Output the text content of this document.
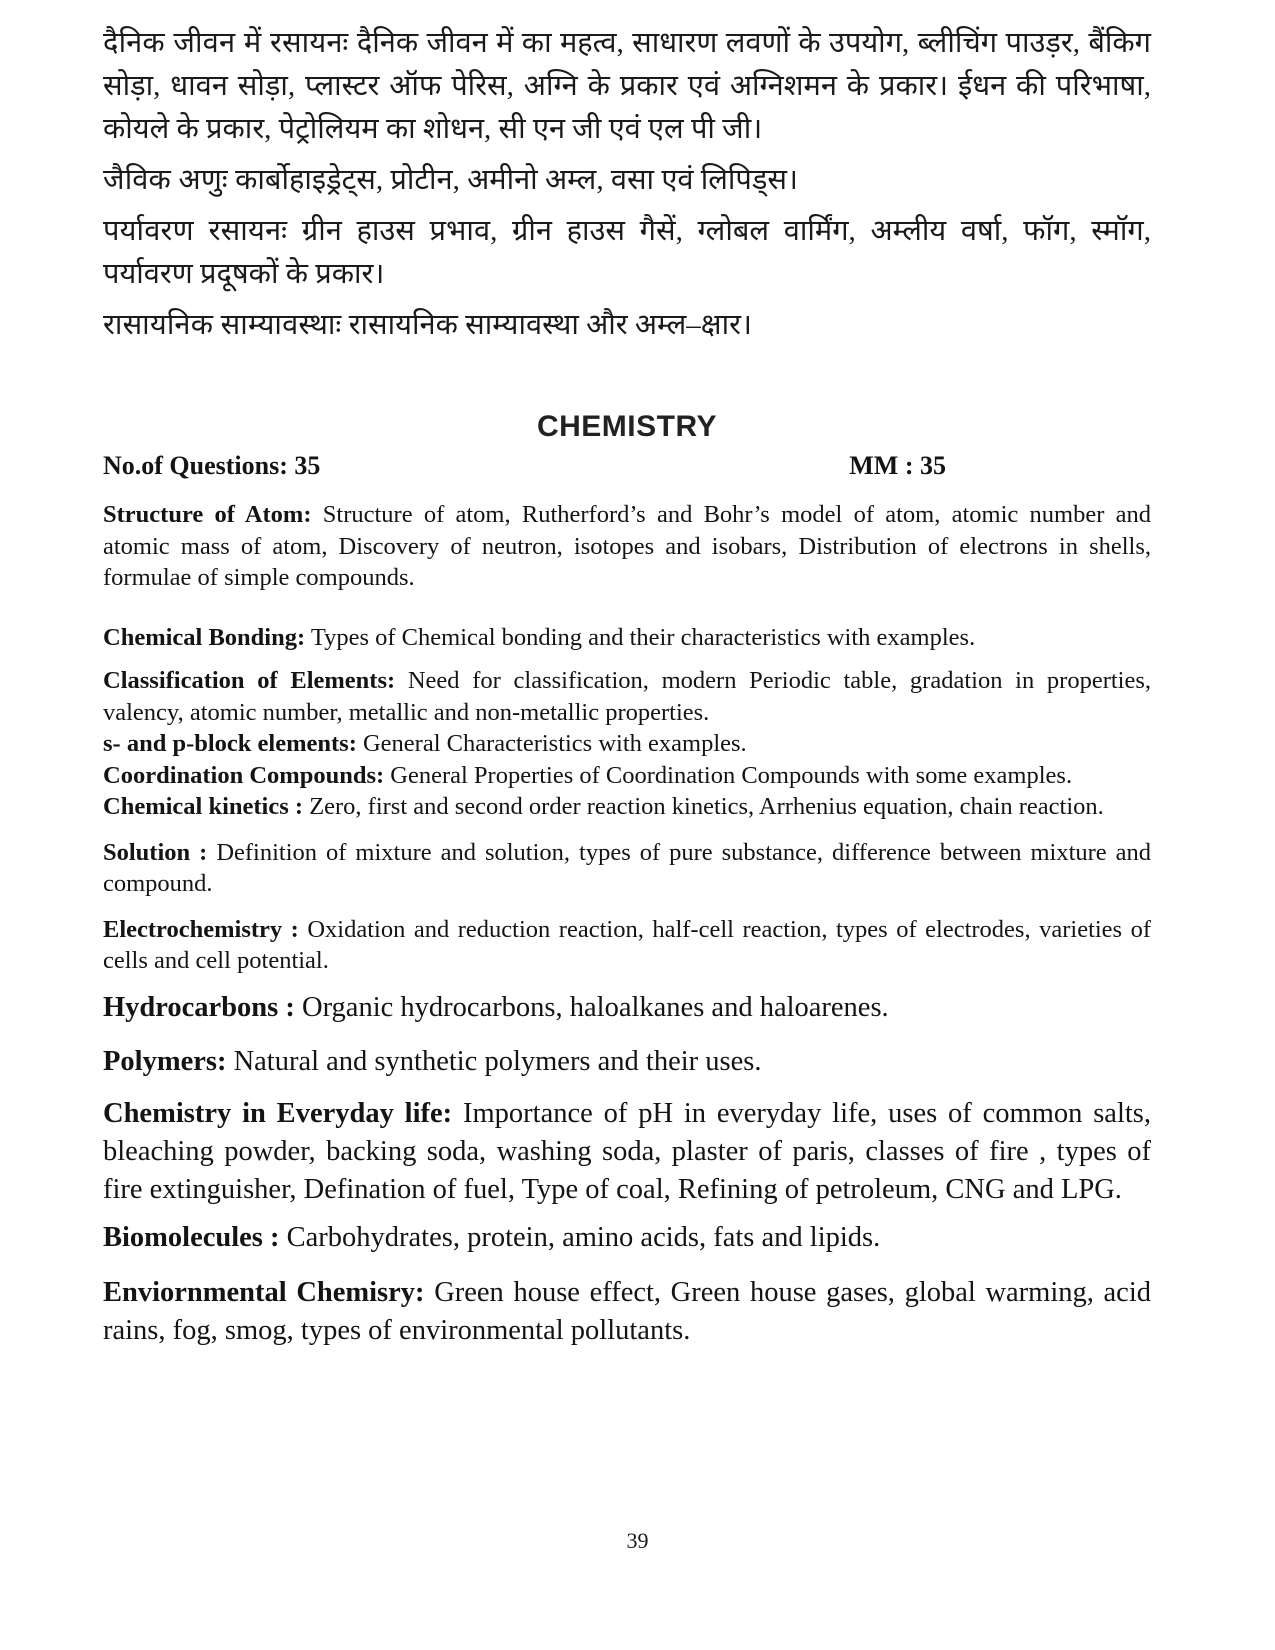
दैनिक जीवन में रसायनः दैनिक जीवन में का महत्व, साधारण लवणों के उपयोग, ब्लीचिंग पाउड़र, बैंकिग सोड़ा, धावन सोड़ा, प्लास्टर ऑफ पेरिस, अग्नि के प्रकार एवं अग्निशमन के प्रकार। ईधन की परिभाषा, कोयले के प्रकार, पेट्रोलियम का शोधन, सी एन जी एवं एल पी जी।

जैविक अणुः कार्बोहाइड्रेट्स, प्रोटीन, अमीनो अम्ल, वसा एवं लिपिड्स।

पर्यावरण रसायनः ग्रीन हाउस प्रभाव, ग्रीन हाउस गैसें, ग्लोबल वार्मिंग, अम्लीय वर्षा, फॉग, स्मॉग, पर्यावरण प्रदूषकों के प्रकार।

रासायनिक साम्यावस्थाः रासायनिक साम्यावस्था और अम्ल–क्षार।

CHEMISTRY
No.of Questions: 35	MM : 35

Structure of Atom: Structure of atom, Rutherford’s and Bohr’s model of atom, atomic number and atomic mass of atom, Discovery of neutron, isotopes and isobars, Distribution of electrons in shells, formulae of simple compounds.

Chemical Bonding: Types of Chemical bonding and their characteristics with examples.

Classification of Elements: Need for classification, modern Periodic table, gradation in properties, valency, atomic number, metallic and non-metallic properties.

s- and p-block elements: General Characteristics with examples.

Coordination Compounds: General Properties of Coordination Compounds with some examples.

Chemical kinetics : Zero, first and second order reaction kinetics, Arrhenius equation, chain reaction.

Solution : Definition of mixture and solution, types of pure substance, difference between mixture and compound.

Electrochemistry : Oxidation and reduction reaction, half-cell reaction, types of electrodes, varieties of cells and cell potential.

Hydrocarbons : Organic hydrocarbons, haloalkanes and haloarenes.

Polymers: Natural and synthetic polymers and their uses.

Chemistry in Everyday life: Importance of pH in everyday life, uses of common salts, bleaching powder, backing soda, washing soda, plaster of paris, classes of fire , types of fire extinguisher, Defination of fuel, Type of coal, Refining of petroleum, CNG and LPG.

Biomolecules : Carbohydrates, protein, amino acids, fats and lipids.

Enviornmental Chemisry: Green house effect, Green house gases, global warming, acid rains, fog, smog, types of environmental pollutants.

39
